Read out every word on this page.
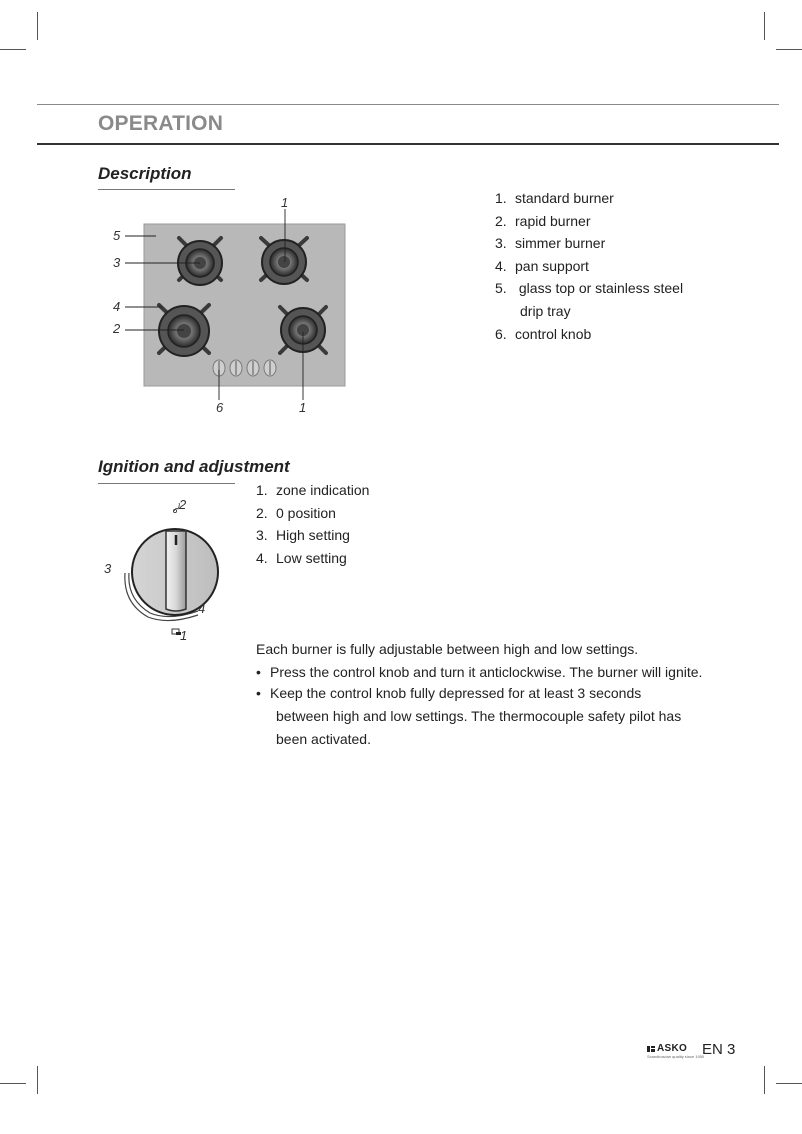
OPERATION
Description
1
5
3
4
2
6	1
1. standard burner
2. rapid burner
3. simmer burner
4. pan support
5. glass top or stainless steel
drip tray
6. control knob
Ignition and adjustment
2
3
4
1
1. zone indication
2. 0 position
3. High setting
4. Low setting
Each burner is fully adjustable between high and low settings.
• Press the control knob and turn it anticlockwise. The burner will ignite.
• Keep the control knob fully depressed for at least 3 seconds
between high and low settings. The thermocouple safety pilot has
been activated.
ASKO
Scandinavian quality since 1950
EN 3
